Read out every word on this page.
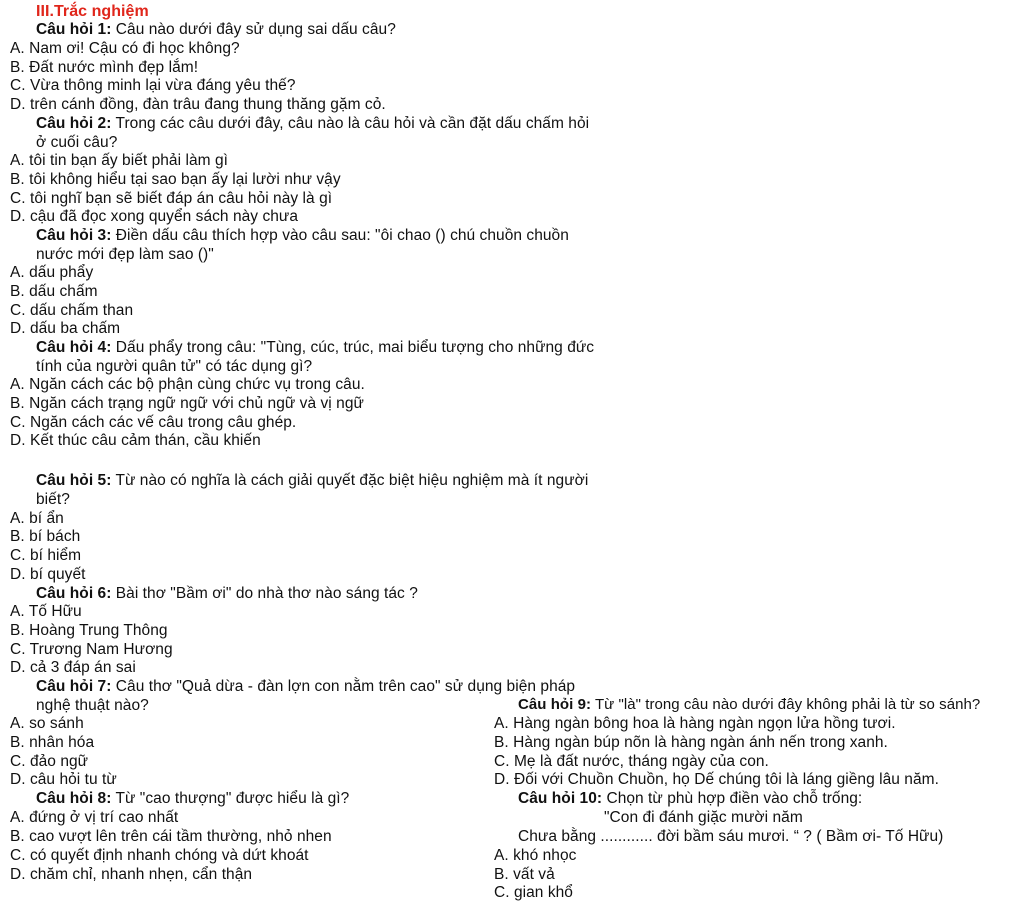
III.Trắc nghiệm
Câu hỏi 1: Câu nào dưới đây sử dụng sai dấu câu?
A. Nam ơi! Cậu có đi học không?
B. Đất nước mình đẹp lắm!
C. Vừa thông minh lại vừa đáng yêu thế?
D. trên cánh đồng, đàn trâu đang thung thăng gặm cỏ.
Câu hỏi 2: Trong các câu dưới đây, câu nào là câu hỏi và cần đặt dấu chấm hỏi
ở cuối câu?
A. tôi tin bạn ấy biết phải làm gì
B. tôi không hiểu tại sao bạn ấy lại lười như vậy
C. tôi nghĩ bạn sẽ biết đáp án câu hỏi này là gì
D. cậu đã đọc xong quyển sách này chưa
Câu hỏi 3: Điền dấu câu thích hợp vào câu sau: "ôi chao () chú chuồn chuồn
nước mới đẹp làm sao ()"
A. dấu phẩy
B. dấu chấm
C. dấu chấm than
D. dấu ba chấm
Câu hỏi 4: Dấu phẩy trong câu: "Tùng, cúc, trúc, mai biểu tượng cho những đức
tính của người quân tử" có tác dụng gì?
A. Ngăn cách các bộ phận cùng chức vụ trong câu.
B. Ngăn cách trạng ngữ ngữ với chủ ngữ và vị ngữ
C. Ngăn cách các vế câu trong câu ghép.
D. Kết thúc câu cảm thán, cầu khiến
Câu hỏi 5: Từ nào có nghĩa là cách giải quyết đặc biệt hiệu nghiệm mà ít người
biết?
A. bí ẩn
B. bí bách
C. bí hiểm
D. bí quyết
Câu hỏi 6: Bài thơ "Bầm ơi" do nhà thơ nào sáng tác ?
A. Tố Hữu
B. Hoàng Trung Thông
C. Trương Nam Hương
D. cả 3 đáp án sai
Câu hỏi 7: Câu thơ "Quả dừa - đàn lợn con nằm trên cao" sử dụng biện pháp
nghệ thuật nào?
A. so sánh
B. nhân hóa
C. đảo ngữ
D. câu hỏi tu từ
Câu hỏi 8: Từ "cao thượng" được hiểu là gì?
A. đứng ở vị trí cao nhất
B. cao vượt lên trên cái tầm thường, nhỏ nhen
C. có quyết định nhanh chóng và dứt khoát
D. chăm chỉ, nhanh nhẹn, cẩn thận
Câu hỏi 9: Từ "là" trong câu nào dưới đây không phải là từ so sánh?
A. Hàng ngàn bông hoa là hàng ngàn ngọn lửa hồng tươi.
B. Hàng ngàn búp nõn là hàng ngàn ánh nến trong xanh.
C. Mẹ là đất nước, tháng ngày của con.
D. Đối với Chuồn Chuồn, họ Dế chúng tôi là láng giềng lâu năm.
Câu hỏi 10: Chọn từ phù hợp điền vào chỗ trống:
"Con đi đánh giặc mười năm
Chưa bằng ............ đời bầm sáu mươi. “ ? ( Bầm ơi- Tố Hữu)
A. khó nhọc
B. vất vả
C. gian khổ
